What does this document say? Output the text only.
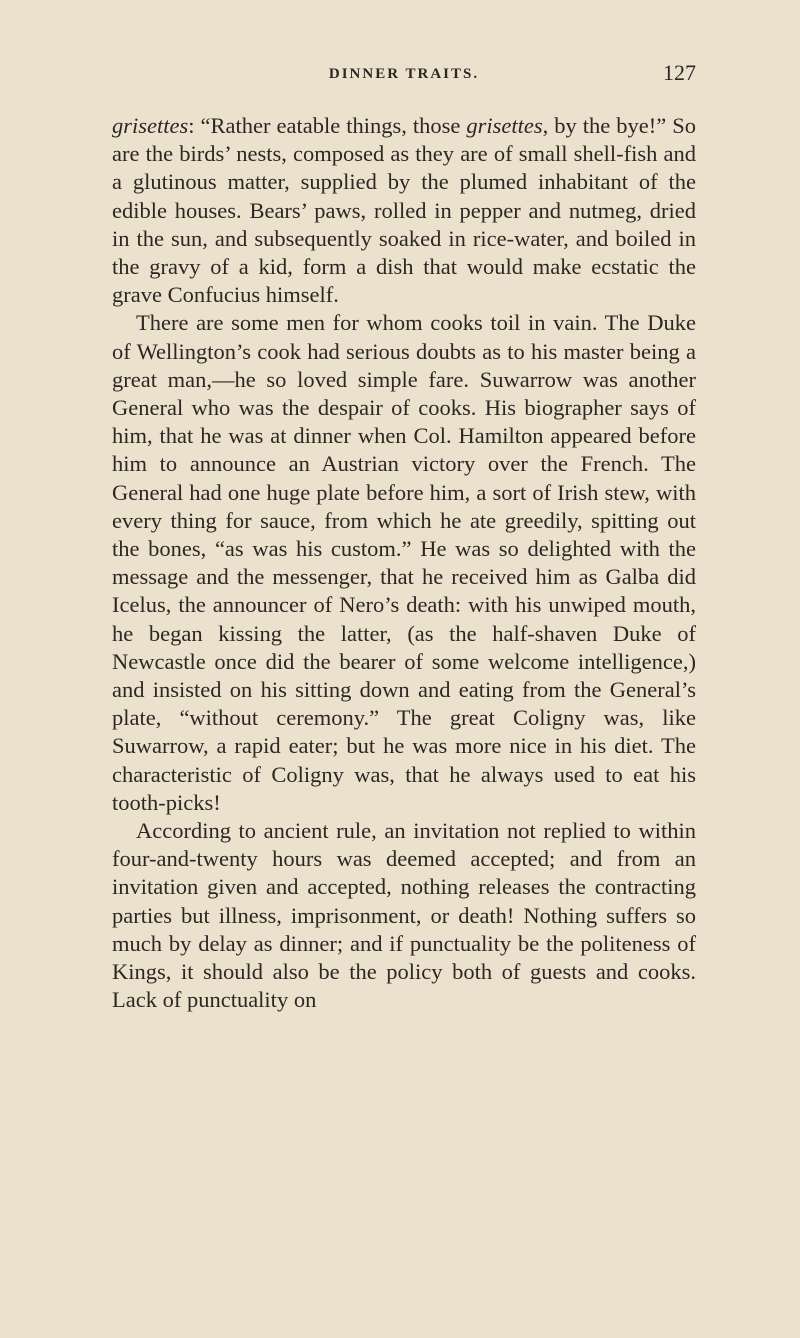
DINNER TRAITS.	127

grisettes: “Rather eatable things, those grisettes, by the bye!” So are the birds’ nests, composed as they are of small shell-fish and a glutinous matter, supplied by the plumed inhabitant of the edible houses. Bears’ paws, rolled in pepper and nutmeg, dried in the sun, and subsequently soaked in rice-water, and boiled in the gravy of a kid, form a dish that would make ecstatic the grave Confucius himself.

There are some men for whom cooks toil in vain. The Duke of Wellington’s cook had serious doubts as to his master being a great man,—he so loved simple fare. Suwarrow was another General who was the despair of cooks. His biographer says of him, that he was at dinner when Col. Hamilton appeared before him to announce an Austrian victory over the French. The General had one huge plate before him, a sort of Irish stew, with every thing for sauce, from which he ate greedily, spitting out the bones, “as was his custom.” He was so delighted with the message and the messenger, that he received him as Galba did Icelus, the announcer of Nero’s death: with his unwiped mouth, he began kissing the latter, (as the half-shaven Duke of Newcastle once did the bearer of some welcome intelligence,) and insisted on his sitting down and eating from the General’s plate, “without ceremony.” The great Coligny was, like Suwarrow, a rapid eater; but he was more nice in his diet. The characteristic of Coligny was, that he always used to eat his tooth-picks!

According to ancient rule, an invitation not replied to within four-and-twenty hours was deemed accepted; and from an invitation given and accepted, nothing releases the contracting parties but illness, imprisonment, or death! Nothing suffers so much by delay as dinner; and if punctuality be the politeness of Kings, it should also be the policy both of guests and cooks. Lack of punctuality on
